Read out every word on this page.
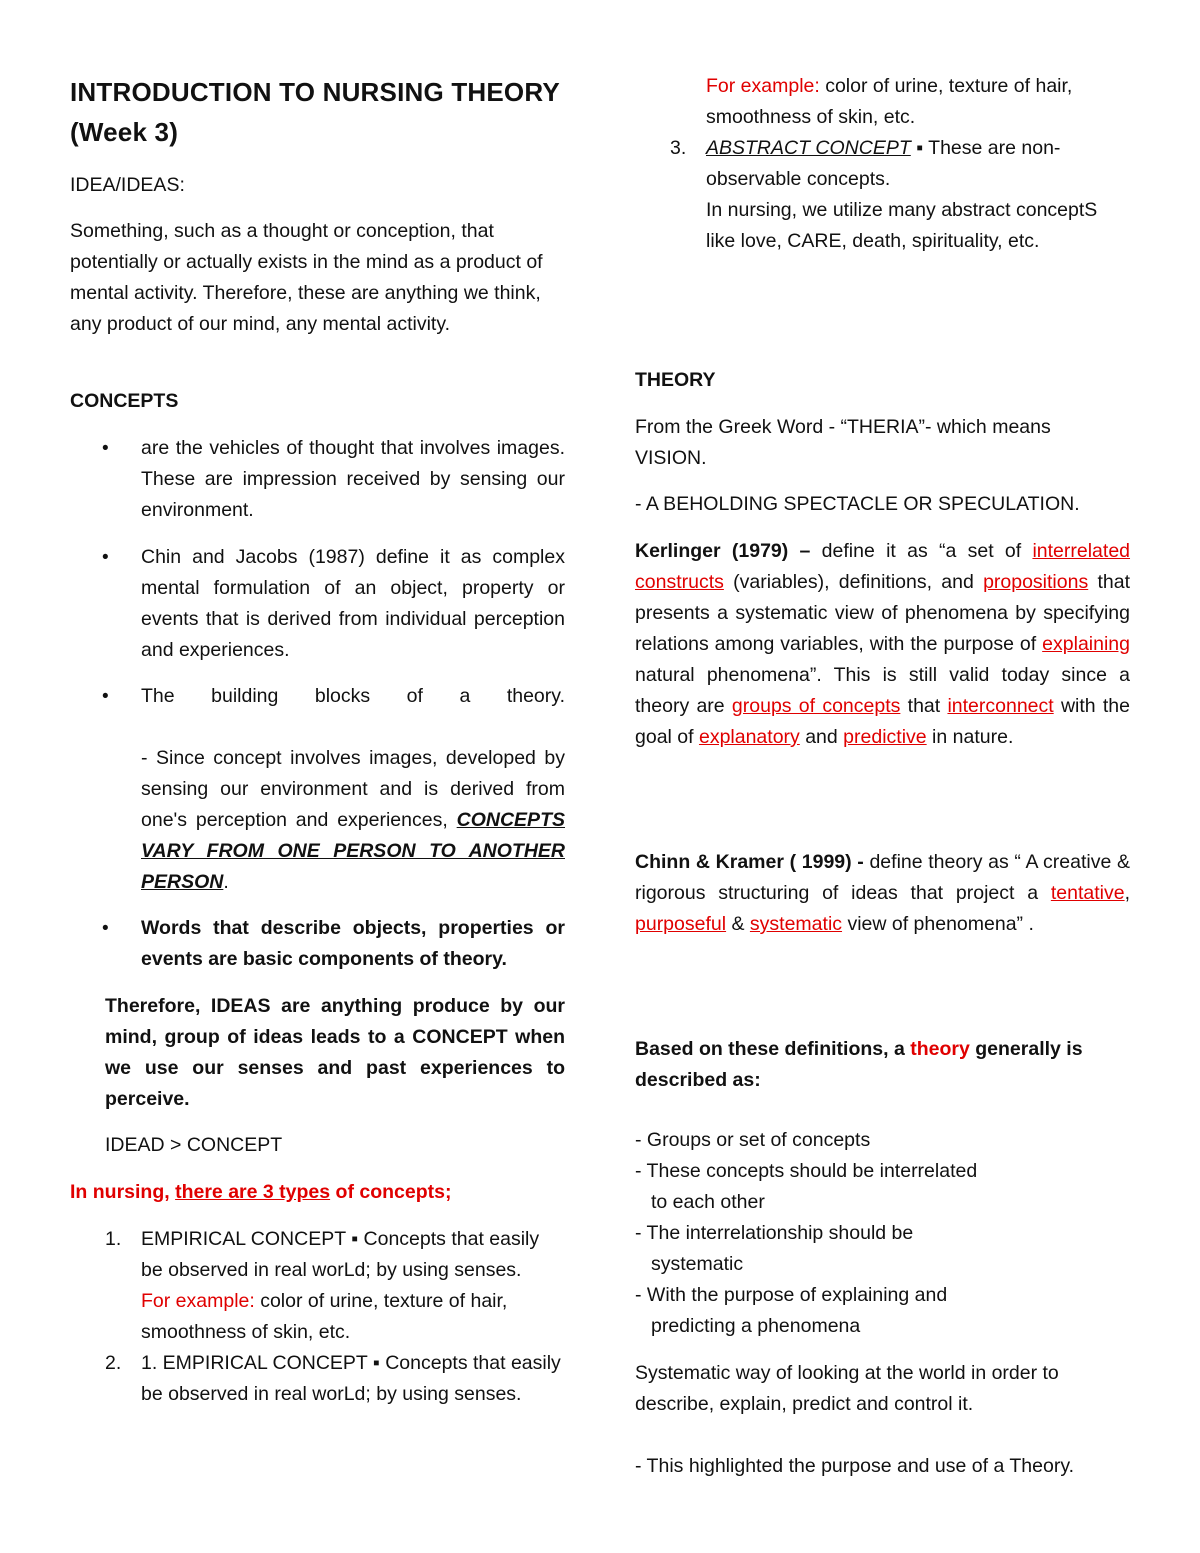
INTRODUCTION TO NURSING THEORY
(Week 3)

IDEA/IDEAS:

Something, such as a thought or conception, that potentially or actually exists in the mind as a product of mental activity. Therefore, these are anything we think, any product of our mind, any mental activity.

CONCEPTS

• are the vehicles of thought that involves images. These are impression received by sensing our environment.

• Chin and Jacobs (1987) define it as complex mental formulation of an object, property or events that is derived from individual perception and experiences.

• The building blocks of a theory.

- Since concept involves images, developed by sensing our environment and is derived from one's perception and experiences, CONCEPTS VARY FROM ONE PERSON TO ANOTHER PERSON.

• Words that describe objects, properties or events are basic components of theory.

Therefore, IDEAS are anything produce by our mind, group of ideas leads to a CONCEPT when we use our senses and past experiences to perceive.

IDEAD > CONCEPT

In nursing, there are 3 types of concepts;

1. EMPIRICAL CONCEPT ▪ Concepts that easily be observed in real worLd; by using senses.
For example: color of urine, texture of hair, smoothness of skin, etc.

2. 1. EMPIRICAL CONCEPT ▪ Concepts that easily be observed in real worLd; by using senses.

For example: color of urine, texture of hair, smoothness of skin, etc.

3. ABSTRACT CONCEPT ▪ These are non-observable concepts.
In nursing, we utilize many abstract conceptS like love, CARE, death, spirituality, etc.

THEORY

From the Greek Word - “THERIA”- which means VISION.

- A BEHOLDING SPECTACLE OR SPECULATION.

Kerlinger (1979) – define it as “a set of interrelated constructs (variables), definitions, and propositions that presents a systematic view of phenomena by specifying relations among variables, with the purpose of explaining natural phenomena”. This is still valid today since a theory are groups of concepts that interconnect with the goal of explanatory and predictive in nature.

Chinn & Kramer ( 1999) - define theory as “ A creative & rigorous structuring of ideas that project a tentative, purposeful & systematic view of phenomena” .

Based on these definitions, a theory generally is described as:

- Groups or set of concepts
- These concepts should be interrelated
to each other
- The interrelationship should be
systematic
- With the purpose of explaining and
predicting a phenomena

Systematic way of looking at the world in order to describe, explain, predict and control it.

- This highlighted the purpose and use of a Theory.
